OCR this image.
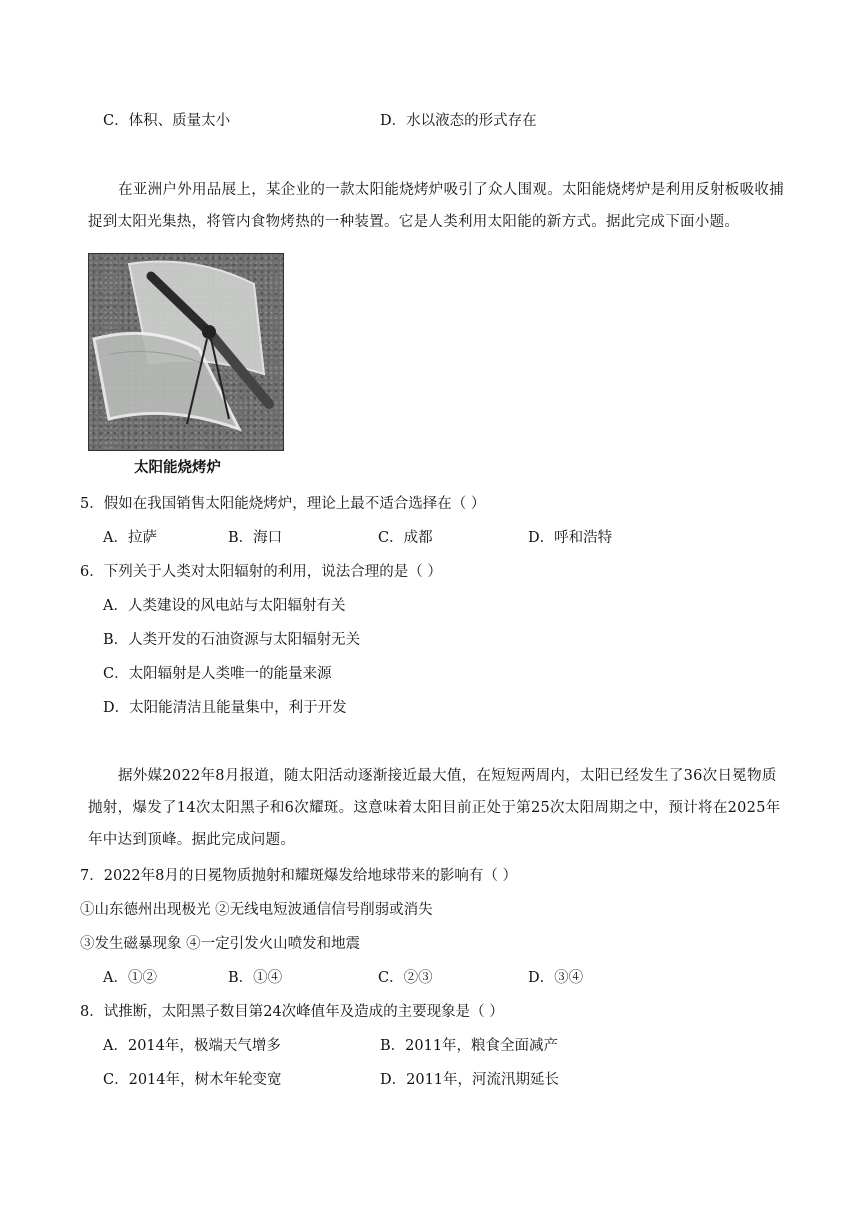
C．体积、质量太小	D．水以液态的形式存在
在亚洲户外用品展上，某企业的一款太阳能烧烤炉吸引了众人围观。太阳能烧烤炉是利用反射板吸收捕捉到太阳光集热，将管内食物烤热的一种装置。它是人类利用太阳能的新方式。据此完成下面小题。
太阳能烧烤炉
5．假如在我国销售太阳能烧烤炉，理论上最不适合选择在（ ）
A．拉萨	B．海口	C．成都	D．呼和浩特
6．下列关于人类对太阳辐射的利用，说法合理的是（ ）
A．人类建设的风电站与太阳辐射有关
B．人类开发的石油资源与太阳辐射无关
C．太阳辐射是人类唯一的能量来源
D．太阳能清洁且能量集中，利于开发
据外媒2022年8月报道，随太阳活动逐渐接近最大值，在短短两周内，太阳已经发生了36次日冕物质抛射，爆发了14次太阳黑子和6次耀斑。这意味着太阳目前正处于第25次太阳周期之中，预计将在2025年年中达到顶峰。据此完成问题。
7．2022年8月的日冕物质抛射和耀斑爆发给地球带来的影响有（ ）
①山东德州出现极光 ②无线电短波通信信号削弱或消失
③发生磁暴现象 ④一定引发火山喷发和地震
A．①②	B．①④	C．②③	D．③④
8．试推断，太阳黑子数目第24次峰值年及造成的主要现象是（ ）
A．2014年，极端天气增多	B．2011年，粮食全面减产
C．2014年，树木年轮变宽	D．2011年，河流汛期延长
